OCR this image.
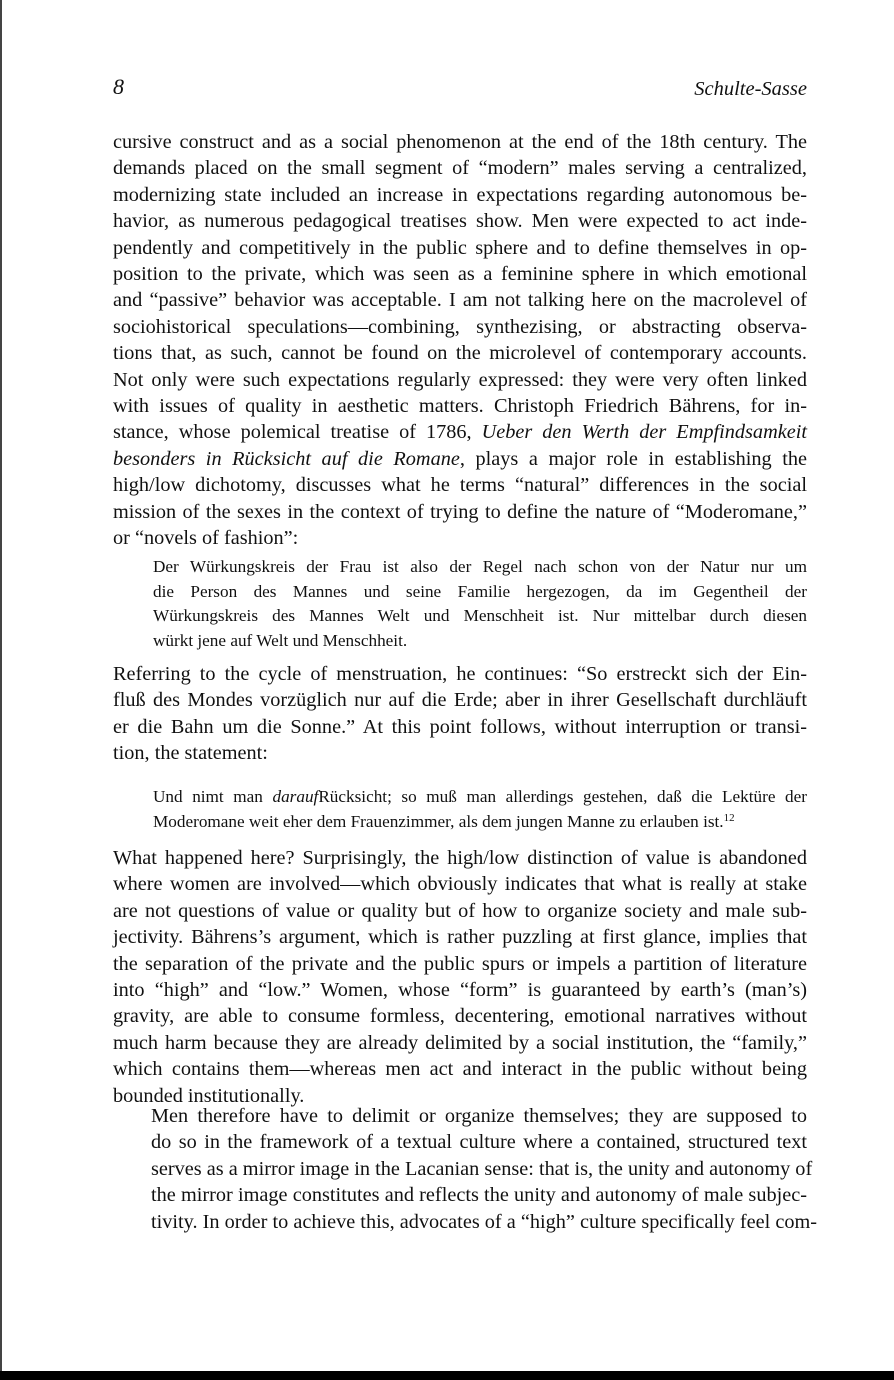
8	Schulte-Sasse
cursive construct and as a social phenomenon at the end of the 18th century. The
demands placed on the small segment of “modern” males serving a centralized,
modernizing state included an increase in expectations regarding autonomous be-
havior, as numerous pedagogical treatises show. Men were expected to act inde-
pendently and competitively in the public sphere and to define themselves in op-
position to the private, which was seen as a feminine sphere in which emotional
and “passive” behavior was acceptable. I am not talking here on the macrolevel of
sociohistorical speculations—combining, synthezising, or abstracting observa-
tions that, as such, cannot be found on the microlevel of contemporary accounts.
Not only were such expectations regularly expressed: they were very often linked
with issues of quality in aesthetic matters. Christoph Friedrich Bährens, for in-
stance, whose polemical treatise of 1786, Ueber den Werth der Empfindsamkeit
besonders in Rücksicht auf die Romane, plays a major role in establishing the
high/low dichotomy, discusses what he terms “natural” differences in the social
mission of the sexes in the context of trying to define the nature of “Moderomane,”
or “novels of fashion”:
Der Würkungskreis der Frau ist also der Regel nach schon von der Natur nur um
die Person des Mannes und seine Familie hergezogen, da im Gegentheil der
Würkungskreis des Mannes Welt und Menschheit ist. Nur mittelbar durch diesen
würkt jene auf Welt und Menschheit.
Referring to the cycle of menstruation, he continues: “So erstreckt sich der Ein-
fluß des Mondes vorzüglich nur auf die Erde; aber in ihrer Gesellschaft durchläuft
er die Bahn um die Sonne.” At this point follows, without interruption or transi-
tion, the statement:
Und nimt man daraufRücksicht; so muß man allerdings gestehen, daß die Lektüre der
Moderomane weit eher dem Frauenzimmer, als dem jungen Manne zu erlauben ist.$^{12}$
What happened here? Surprisingly, the high/low distinction of value is abandoned
where women are involved—which obviously indicates that what is really at stake
are not questions of value or quality but of how to organize society and male sub-
jectivity. Bährens’s argument, which is rather puzzling at first glance, implies that
the separation of the private and the public spurs or impels a partition of literature
into “high” and “low.” Women, whose “form” is guaranteed by earth’s (man’s)
gravity, are able to consume formless, decentering, emotional narratives without
much harm because they are already delimited by a social institution, the “family,”
which contains them—whereas men act and interact in the public without being
bounded institutionally.
Men therefore have to delimit or organize themselves; they are supposed to
do so in the framework of a textual culture where a contained, structured text
serves as a mirror image in the Lacanian sense: that is, the unity and autonomy of
the mirror image constitutes and reflects the unity and autonomy of male subjec-
tivity. In order to achieve this, advocates of a “high” culture specifically feel com-
